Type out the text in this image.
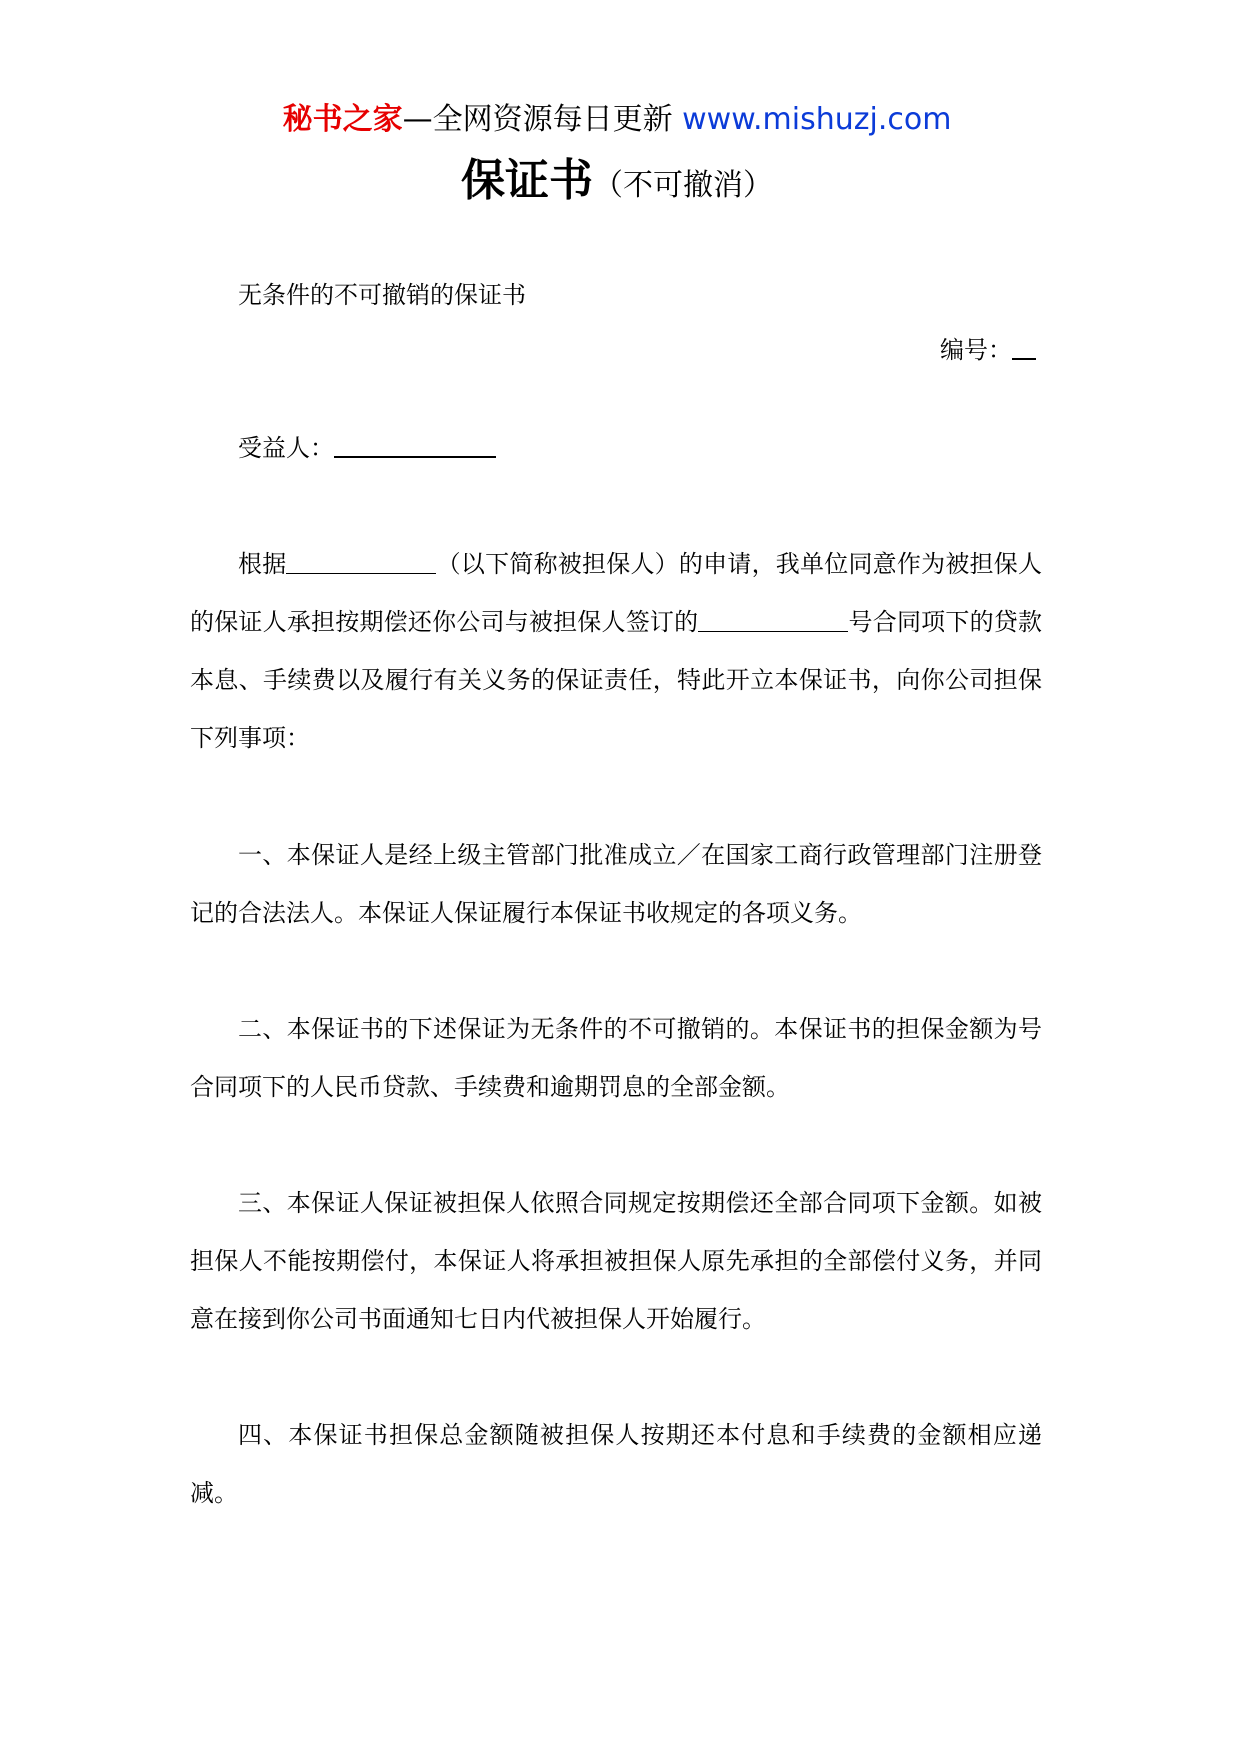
秘书之家—全网资源每日更新 www.mishuzj.com
保证书（不可撤消）
无条件的不可撤销的保证书
编号：
受益人：
根据	（以下简称被担保人）的申请，我单位同意作为被担保人的保证人承担按期偿还你公司与被担保人签订的	号合同项下的贷款本息、手续费以及履行有关义务的保证责任，特此开立本保证书，向你公司担保下列事项：
一、本保证人是经上级主管部门批准成立／在国家工商行政管理部门注册登记的合法法人。本保证人保证履行本保证书收规定的各项义务。
二、本保证书的下述保证为无条件的不可撤销的。本保证书的担保金额为号合同项下的人民币贷款、手续费和逾期罚息的全部金额。
三、本保证人保证被担保人依照合同规定按期偿还全部合同项下金额。如被担保人不能按期偿付，本保证人将承担被担保人原先承担的全部偿付义务，并同意在接到你公司书面通知七日内代被担保人开始履行。
四、本保证书担保总金额随被担保人按期还本付息和手续费的金额相应递减。
